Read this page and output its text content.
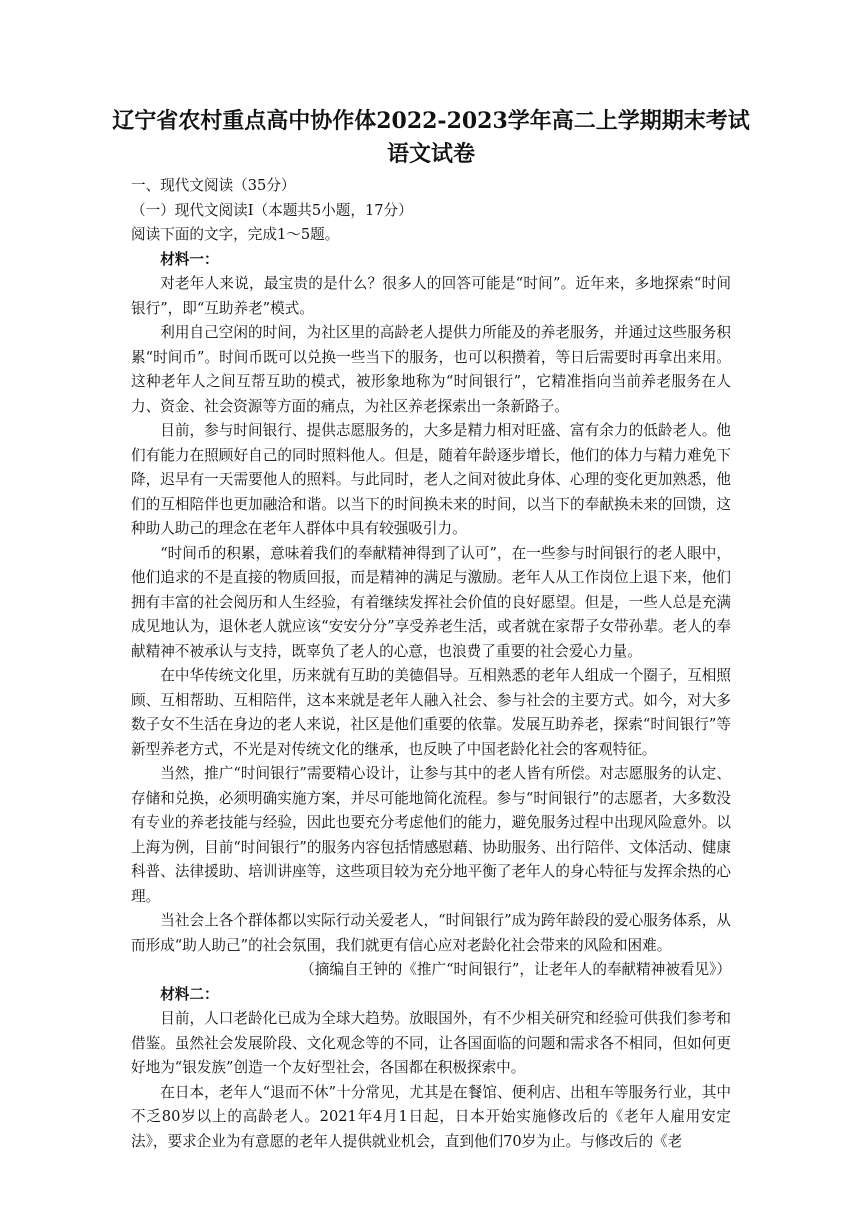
辽宁省农村重点高中协作体2022-2023学年高二上学期期末考试
语文试卷

一、现代文阅读（35分）

（一）现代文阅读Ⅰ（本题共5小题，17分）

阅读下面的文字，完成1～5题。

材料一：

对老年人来说，最宝贵的是什么？很多人的回答可能是“时间”。近年来，多地探索“时间银行”，即“互助养老”模式。

利用自己空闲的时间，为社区里的高龄老人提供力所能及的养老服务，并通过这些服务积累“时间币”。时间币既可以兑换一些当下的服务，也可以积攒着，等日后需要时再拿出来用。这种老年人之间互帮互助的模式，被形象地称为“时间银行”，它精准指向当前养老服务在人力、资金、社会资源等方面的痛点，为社区养老探索出一条新路子。

目前，参与时间银行、提供志愿服务的，大多是精力相对旺盛、富有余力的低龄老人。他们有能力在照顾好自己的同时照料他人。但是，随着年龄逐步增长，他们的体力与精力难免下降，迟早有一天需要他人的照料。与此同时，老人之间对彼此身体、心理的变化更加熟悉，他们的互相陪伴也更加融洽和谐。以当下的时间换未来的时间，以当下的奉献换未来的回馈，这种助人助己的理念在老年人群体中具有较强吸引力。

“时间币的积累，意味着我们的奉献精神得到了认可”，在一些参与时间银行的老人眼中，他们追求的不是直接的物质回报，而是精神的满足与激励。老年人从工作岗位上退下来，他们拥有丰富的社会阅历和人生经验，有着继续发挥社会价值的良好愿望。但是，一些人总是充满成见地认为，退休老人就应该“安安分分”享受养老生活，或者就在家帮子女带孙辈。老人的奉献精神不被承认与支持，既辜负了老人的心意，也浪费了重要的社会爱心力量。

在中华传统文化里，历来就有互助的美德倡导。互相熟悉的老年人组成一个圈子，互相照顾、互相帮助、互相陪伴，这本来就是老年人融入社会、参与社会的主要方式。如今，对大多数子女不生活在身边的老人来说，社区是他们重要的依靠。发展互助养老，探索“时间银行”等新型养老方式，不光是对传统文化的继承，也反映了中国老龄化社会的客观特征。

当然，推广“时间银行”需要精心设计，让参与其中的老人皆有所偿。对志愿服务的认定、存储和兑换，必须明确实施方案，并尽可能地简化流程。参与“时间银行”的志愿者，大多数没有专业的养老技能与经验，因此也要充分考虑他们的能力，避免服务过程中出现风险意外。以上海为例，目前“时间银行”的服务内容包括情感慰藉、协助服务、出行陪伴、文体活动、健康科普、法律援助、培训讲座等，这些项目较为充分地平衡了老年人的身心特征与发挥余热的心理。

当社会上各个群体都以实际行动关爱老人，“时间银行”成为跨年龄段的爱心服务体系，从而形成“助人助己”的社会氛围，我们就更有信心应对老龄化社会带来的风险和困难。

（摘编自王钟的《推广“时间银行”，让老年人的奉献精神被看见》）

材料二：

目前，人口老龄化已成为全球大趋势。放眼国外，有不少相关研究和经验可供我们参考和借鉴。虽然社会发展阶段、文化观念等的不同，让各国面临的问题和需求各不相同，但如何更好地为“银发族”创造一个友好型社会，各国都在积极探索中。

在日本，老年人“退而不休”十分常见，尤其是在餐馆、便利店、出租车等服务行业，其中不乏80岁以上的高龄老人。2021年4月1日起，日本开始实施修改后的《老年人雇用安定法》，要求企业为有意愿的老年人提供就业机会，直到他们70岁为止。与修改后的《老
